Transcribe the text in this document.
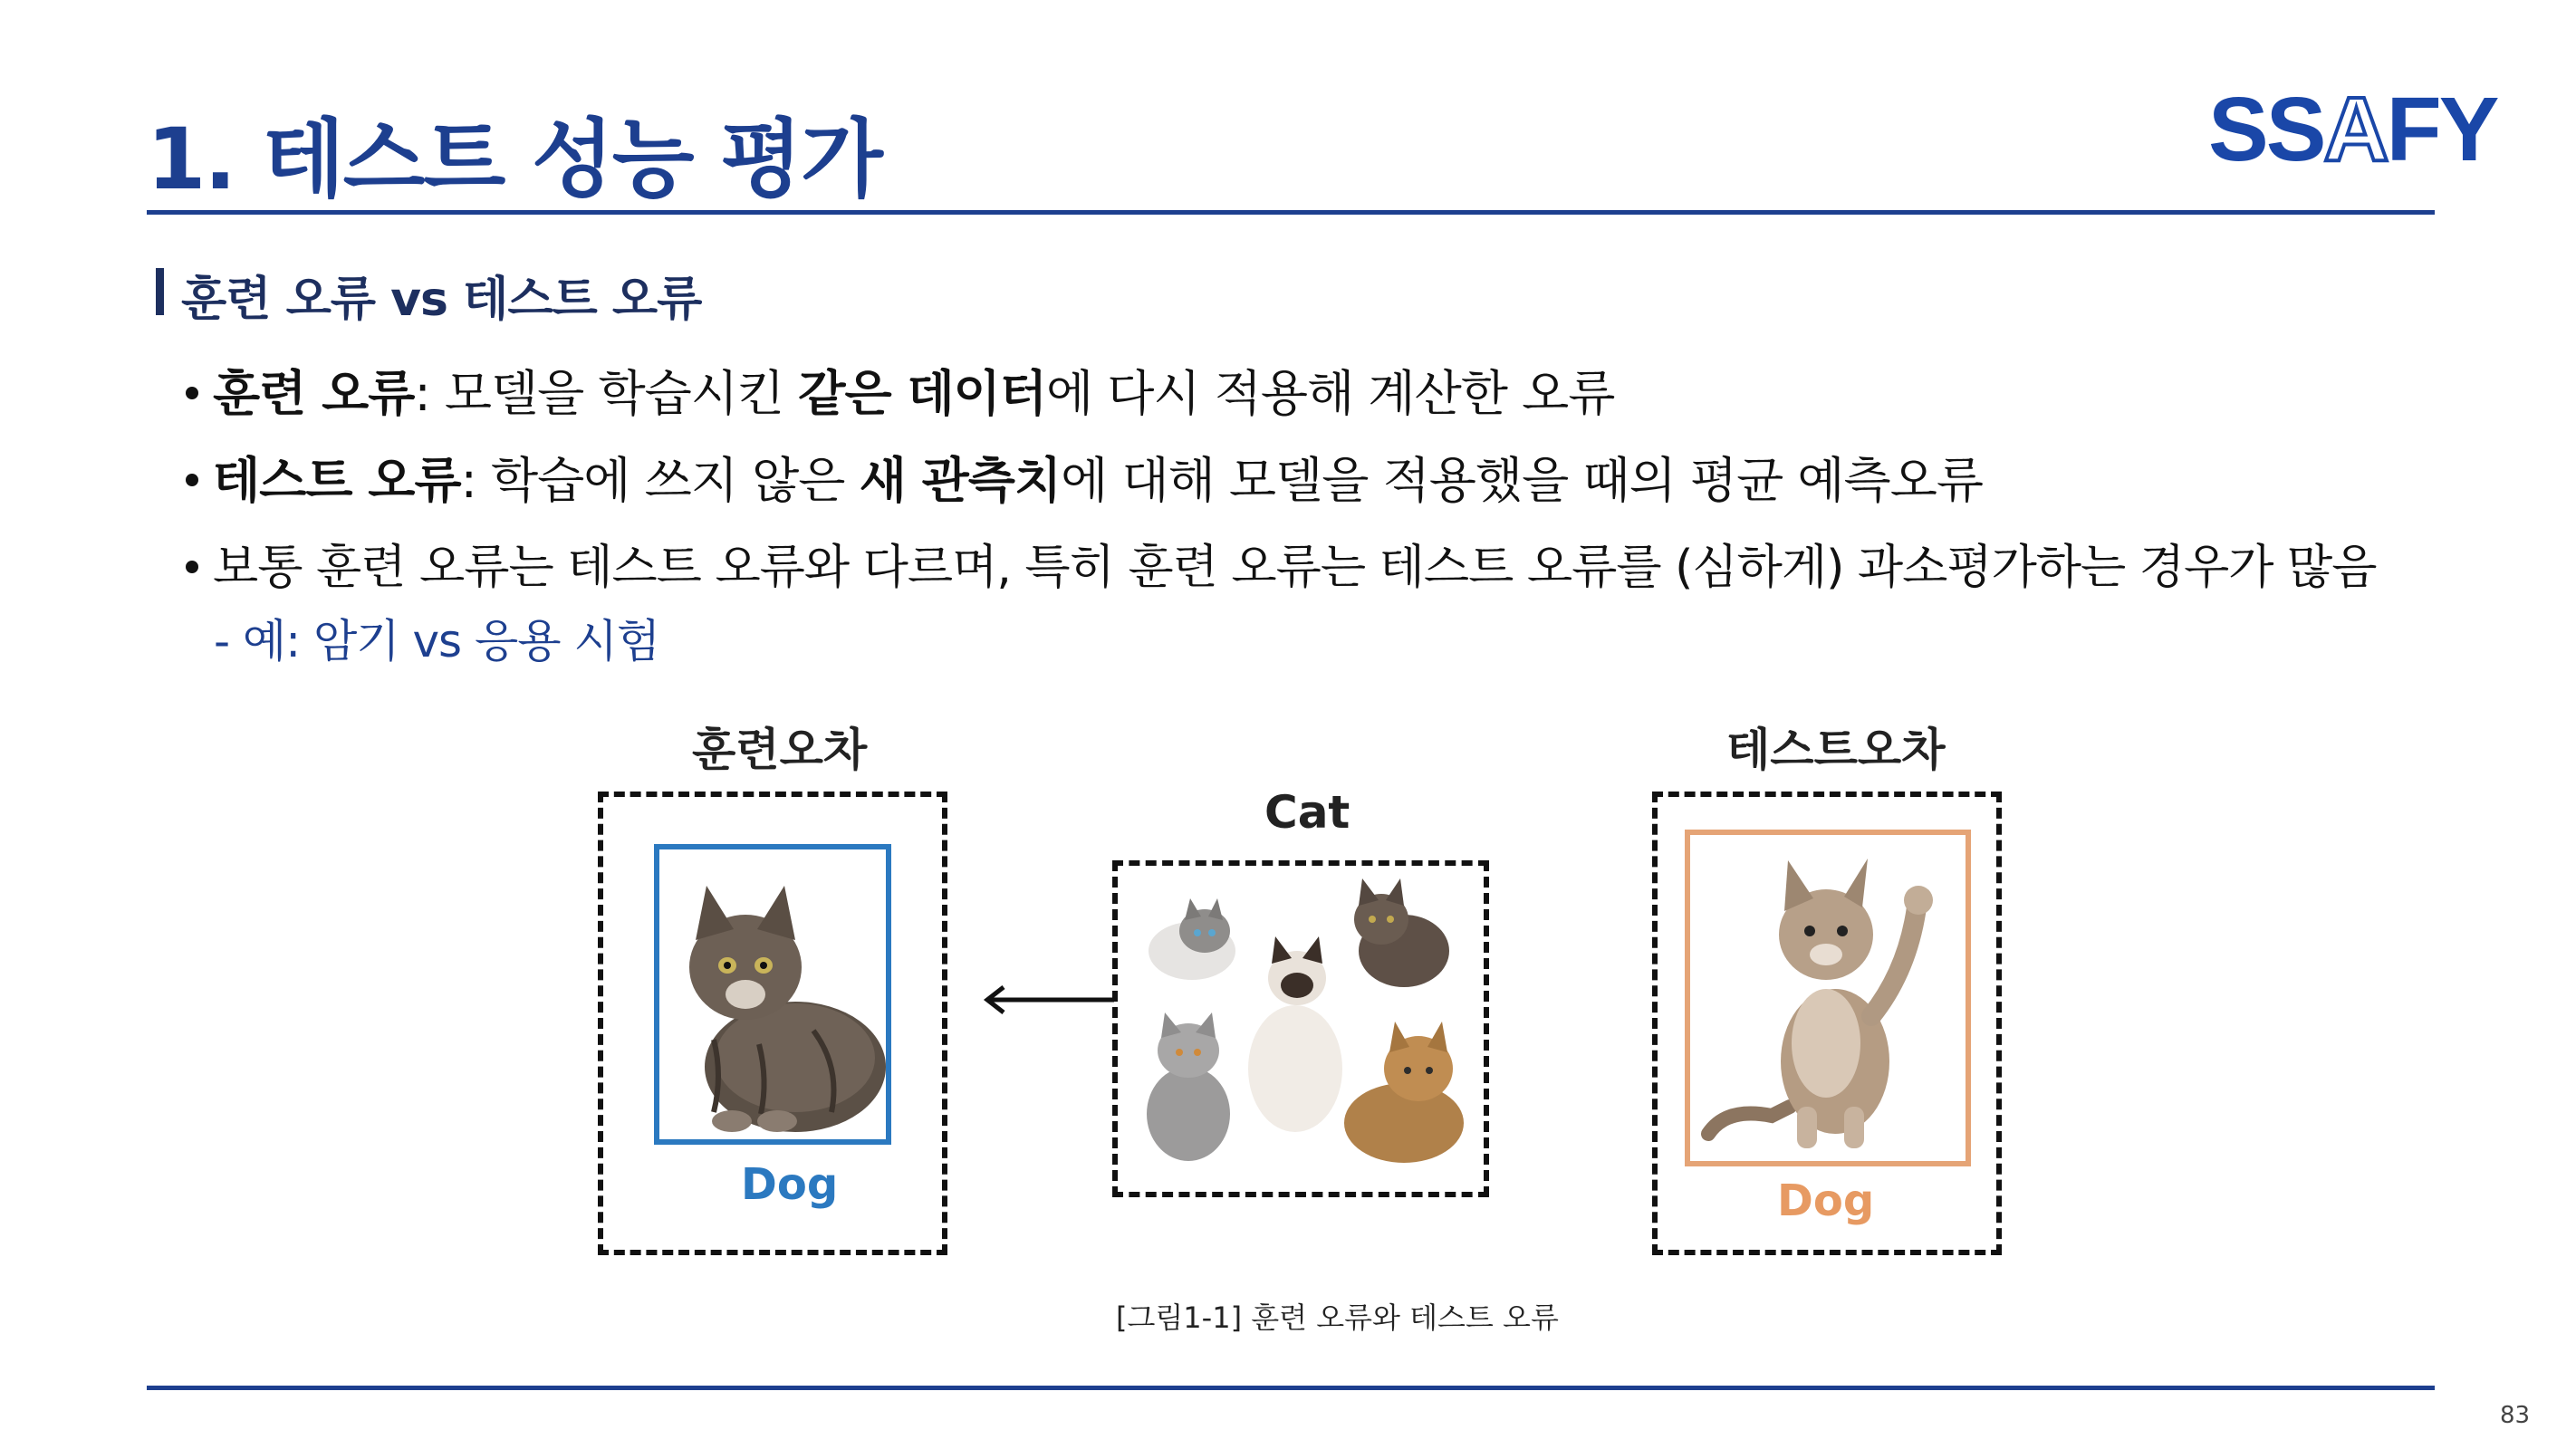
1. 테스트 성능 평가	SSAFY
훈련 오류 vs 테스트 오류
훈련 오류: 모델을 학습시킨 같은 데이터에 다시 적용해 계산한 오류
테스트 오류: 학습에 쓰지 않은 새 관측치에 대해 모델을 적용했을 때의 평균 예측오류
보통 훈련 오류는 테스트 오류와 다르며, 특히 훈련 오류는 테스트 오류를 (심하게) 과소평가하는 경우가 많음
- 예: 암기 vs 응용 시험
훈련오차	테스트오차
Cat
Dog	Dog
[그림1-1] 훈련 오류와 테스트 오류
83
